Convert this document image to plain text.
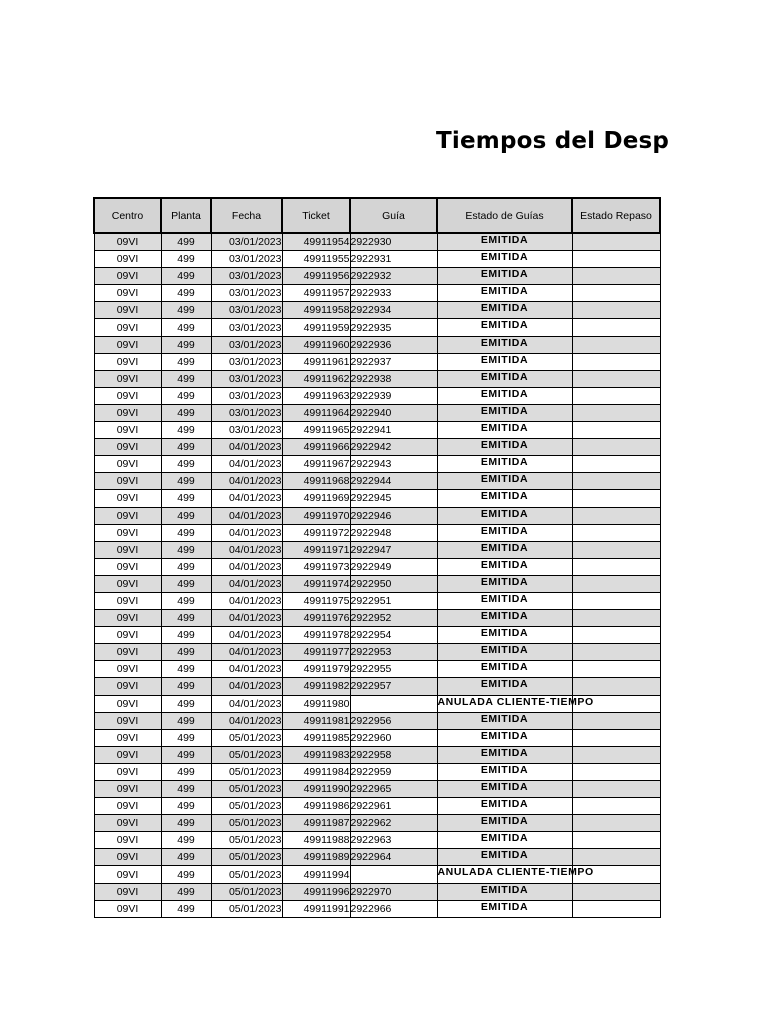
Tiempos del Desp
Centro	Planta	Fecha	Ticket	Guía	Estado de Guías	Estado Repaso
09VI	499	03/01/2023	49911954	2922930	EMITIDA	
09VI	499	03/01/2023	49911955	2922931	EMITIDA	
09VI	499	03/01/2023	49911956	2922932	EMITIDA	
09VI	499	03/01/2023	49911957	2922933	EMITIDA	
09VI	499	03/01/2023	49911958	2922934	EMITIDA	
09VI	499	03/01/2023	49911959	2922935	EMITIDA	
09VI	499	03/01/2023	49911960	2922936	EMITIDA	
09VI	499	03/01/2023	49911961	2922937	EMITIDA	
09VI	499	03/01/2023	49911962	2922938	EMITIDA	
09VI	499	03/01/2023	49911963	2922939	EMITIDA	
09VI	499	03/01/2023	49911964	2922940	EMITIDA	
09VI	499	03/01/2023	49911965	2922941	EMITIDA	
09VI	499	04/01/2023	49911966	2922942	EMITIDA	
09VI	499	04/01/2023	49911967	2922943	EMITIDA	
09VI	499	04/01/2023	49911968	2922944	EMITIDA	
09VI	499	04/01/2023	49911969	2922945	EMITIDA	
09VI	499	04/01/2023	49911970	2922946	EMITIDA	
09VI	499	04/01/2023	49911972	2922948	EMITIDA	
09VI	499	04/01/2023	49911971	2922947	EMITIDA	
09VI	499	04/01/2023	49911973	2922949	EMITIDA	
09VI	499	04/01/2023	49911974	2922950	EMITIDA	
09VI	499	04/01/2023	49911975	2922951	EMITIDA	
09VI	499	04/01/2023	49911976	2922952	EMITIDA	
09VI	499	04/01/2023	49911978	2922954	EMITIDA	
09VI	499	04/01/2023	49911977	2922953	EMITIDA	
09VI	499	04/01/2023	49911979	2922955	EMITIDA	
09VI	499	04/01/2023	49911982	2922957	EMITIDA	
09VI	499	04/01/2023	49911980		ANULADA CLIENTE-TIEMPO	
09VI	499	04/01/2023	49911981	2922956	EMITIDA	
09VI	499	05/01/2023	49911985	2922960	EMITIDA	
09VI	499	05/01/2023	49911983	2922958	EMITIDA	
09VI	499	05/01/2023	49911984	2922959	EMITIDA	
09VI	499	05/01/2023	49911990	2922965	EMITIDA	
09VI	499	05/01/2023	49911986	2922961	EMITIDA	
09VI	499	05/01/2023	49911987	2922962	EMITIDA	
09VI	499	05/01/2023	49911988	2922963	EMITIDA	
09VI	499	05/01/2023	49911989	2922964	EMITIDA	
09VI	499	05/01/2023	49911994		ANULADA CLIENTE-TIEMPO	
09VI	499	05/01/2023	49911996	2922970	EMITIDA	
09VI	499	05/01/2023	49911991	2922966	EMITIDA	
